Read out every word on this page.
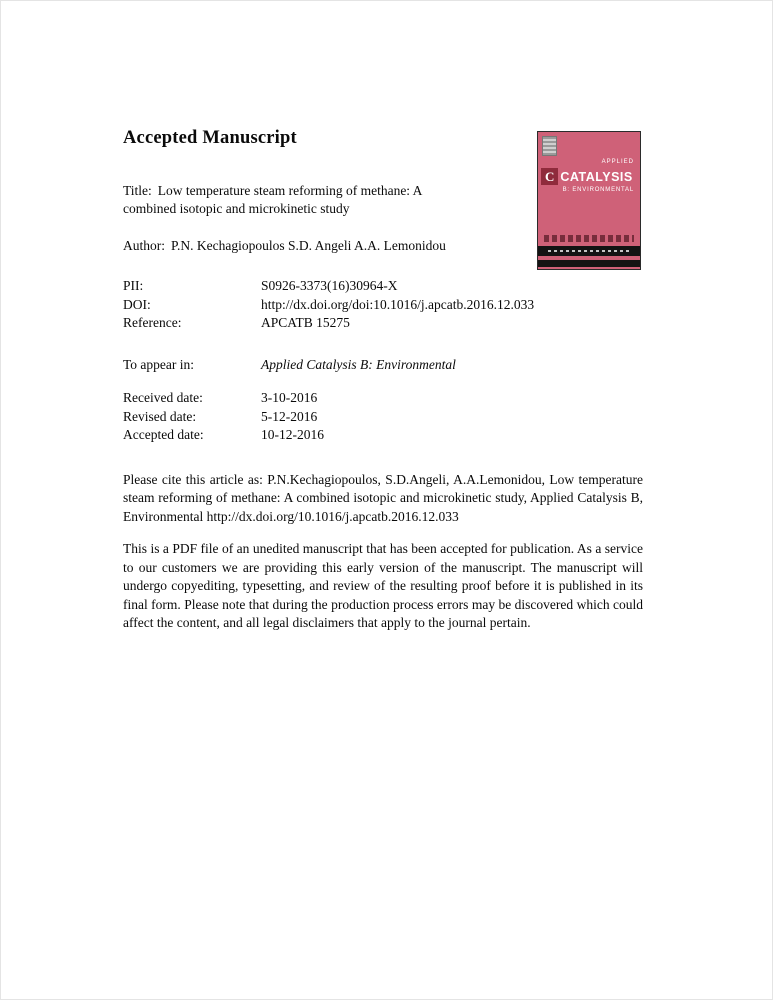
Accepted Manuscript

Title: Low temperature steam reforming of methane: A combined isotopic and microkinetic study

Author: P.N. Kechagiopoulos S.D. Angeli A.A. Lemonidou

PII:	S0926-3373(16)30964-X
DOI:	http://dx.doi.org/doi:10.1016/j.apcatb.2016.12.033
Reference:	APCATB 15275
To appear in:	Applied Catalysis B: Environmental
Received date:	3-10-2016
Revised date:	5-12-2016
Accepted date:	10-12-2016

Please cite this article as: P.N.Kechagiopoulos, S.D.Angeli, A.A.Lemonidou, Low temperature steam reforming of methane: A combined isotopic and microkinetic study, Applied Catalysis B, Environmental http://dx.doi.org/10.1016/j.apcatb.2016.12.033

This is a PDF file of an unedited manuscript that has been accepted for publication. As a service to our customers we are providing this early version of the manuscript. The manuscript will undergo copyediting, typesetting, and review of the resulting proof before it is published in its final form. Please note that during the production process errors may be discovered which could affect the content, and all legal disclaimers that apply to the journal pertain.

APPLIED
C CATALYSIS
B: ENVIRONMENTAL
